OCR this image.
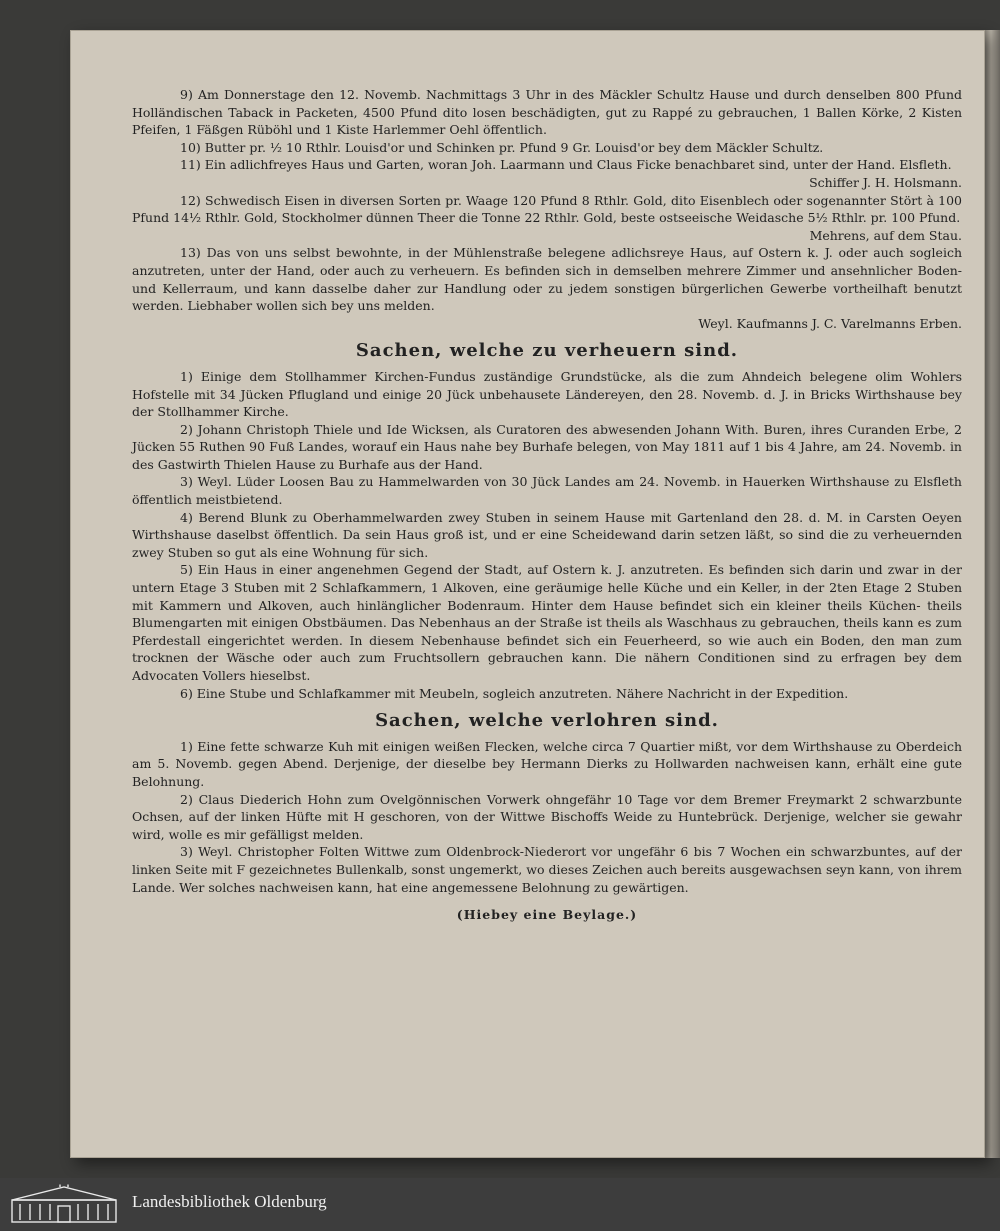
9) Am Donnerstage den 12. Novemb. Nachmittags 3 Uhr in des Mäckler Schultz Hause und durch denselben 800 Pfund Holländischen Taback in Packeten, 4500 Pfund dito losen beschädigten, gut zu Rappé zu gebrauchen, 1 Ballen Körke, 2 Kisten Pfeifen, 1 Fäßgen Rüböhl und 1 Kiste Harlemmer Oehl öffentlich.

10) Butter pr. ½ 10 Rthlr. Louisd'or und Schinken pr. Pfund 9 Gr. Louisd'or bey dem Mäckler Schultz.

11) Ein adlichfreyes Haus und Garten, woran Joh. Laarmann und Claus Ficke benachbaret sind, unter der Hand. Elsfleth.

Schiffer J. H. Holsmann.

12) Schwedisch Eisen in diversen Sorten pr. Waage 120 Pfund 8 Rthlr. Gold, dito Eisenblech oder sogenannter Stört à 100 Pfund 14½ Rthlr. Gold, Stockholmer dünnen Theer die Tonne 22 Rthlr. Gold, beste ostseeische Weidasche 5½ Rthlr. pr. 100 Pfund.

Mehrens, auf dem Stau.

13) Das von uns selbst bewohnte, in der Mühlenstraße belegene adlichsreye Haus, auf Ostern k. J. oder auch sogleich anzutreten, unter der Hand, oder auch zu verheuern. Es befinden sich in demselben mehrere Zimmer und ansehnlicher Boden- und Kellerraum, und kann dasselbe daher zur Handlung oder zu jedem sonstigen bürgerlichen Gewerbe vortheilhaft benutzt werden. Liebhaber wollen sich bey uns melden.

Weyl. Kaufmanns J. C. Varelmanns Erben.

Sachen, welche zu verheuern sind.

1) Einige dem Stollhammer Kirchen-Fundus zuständige Grundstücke, als die zum Ahndeich belegene olim Wohlers Hofstelle mit 34 Jücken Pflugland und einige 20 Jück unbehausete Ländereyen, den 28. Novemb. d. J. in Bricks Wirthshause bey der Stollhammer Kirche.

2) Johann Christoph Thiele und Ide Wicksen, als Curatoren des abwesenden Johann With. Buren, ihres Curanden Erbe, 2 Jücken 55 Ruthen 90 Fuß Landes, worauf ein Haus nahe bey Burhafe belegen, von May 1811 auf 1 bis 4 Jahre, am 24. Novemb. in des Gastwirth Thielen Hause zu Burhafe aus der Hand.

3) Weyl. Lüder Loosen Bau zu Hammelwarden von 30 Jück Landes am 24. Novemb. in Hauerken Wirthshause zu Elsfleth öffentlich meistbietend.

4) Berend Blunk zu Oberhammelwarden zwey Stuben in seinem Hause mit Gartenland den 28. d. M. in Carsten Oeyen Wirthshause daselbst öffentlich. Da sein Haus groß ist, und er eine Scheidewand darin setzen läßt, so sind die zu verheuernden zwey Stuben so gut als eine Wohnung für sich.

5) Ein Haus in einer angenehmen Gegend der Stadt, auf Ostern k. J. anzutreten. Es befinden sich darin und zwar in der untern Etage 3 Stuben mit 2 Schlafkammern, 1 Alkoven, eine geräumige helle Küche und ein Keller, in der 2ten Etage 2 Stuben mit Kammern und Alkoven, auch hinlänglicher Bodenraum. Hinter dem Hause befindet sich ein kleiner theils Küchen- theils Blumengarten mit einigen Obstbäumen. Das Nebenhaus an der Straße ist theils als Waschhaus zu gebrauchen, theils kann es zum Pferdestall eingerichtet werden. In diesem Nebenhause befindet sich ein Feuerheerd, so wie auch ein Boden, den man zum trocknen der Wäsche oder auch zum Fruchtsollern gebrauchen kann. Die nähern Conditionen sind zu erfragen bey dem Advocaten Vollers hieselbst.

6) Eine Stube und Schlafkammer mit Meubeln, sogleich anzutreten. Nähere Nachricht in der Expedition.

Sachen, welche verlohren sind.

1) Eine fette schwarze Kuh mit einigen weißen Flecken, welche circa 7 Quartier mißt, vor dem Wirthshause zu Oberdeich am 5. Novemb. gegen Abend. Derjenige, der dieselbe bey Hermann Dierks zu Hollwarden nachweisen kann, erhält eine gute Belohnung.

2) Claus Diederich Hohn zum Ovelgönnischen Vorwerk ohngefähr 10 Tage vor dem Bremer Freymarkt 2 schwarzbunte Ochsen, auf der linken Hüfte mit H geschoren, von der Wittwe Bischoffs Weide zu Huntebrück. Derjenige, welcher sie gewahr wird, wolle es mir gefälligst melden.

3) Weyl. Christopher Folten Wittwe zum Oldenbrock-Niederort vor ungefähr 6 bis 7 Wochen ein schwarzbuntes, auf der linken Seite mit F gezeichnetes Bullenkalb, sonst ungemerkt, wo dieses Zeichen auch bereits ausgewachsen seyn kann, von ihrem Lande. Wer solches nachweisen kann, hat eine angemessene Belohnung zu gewärtigen.

(Hiebey eine Beylage.)

Landesbibliothek Oldenburg
